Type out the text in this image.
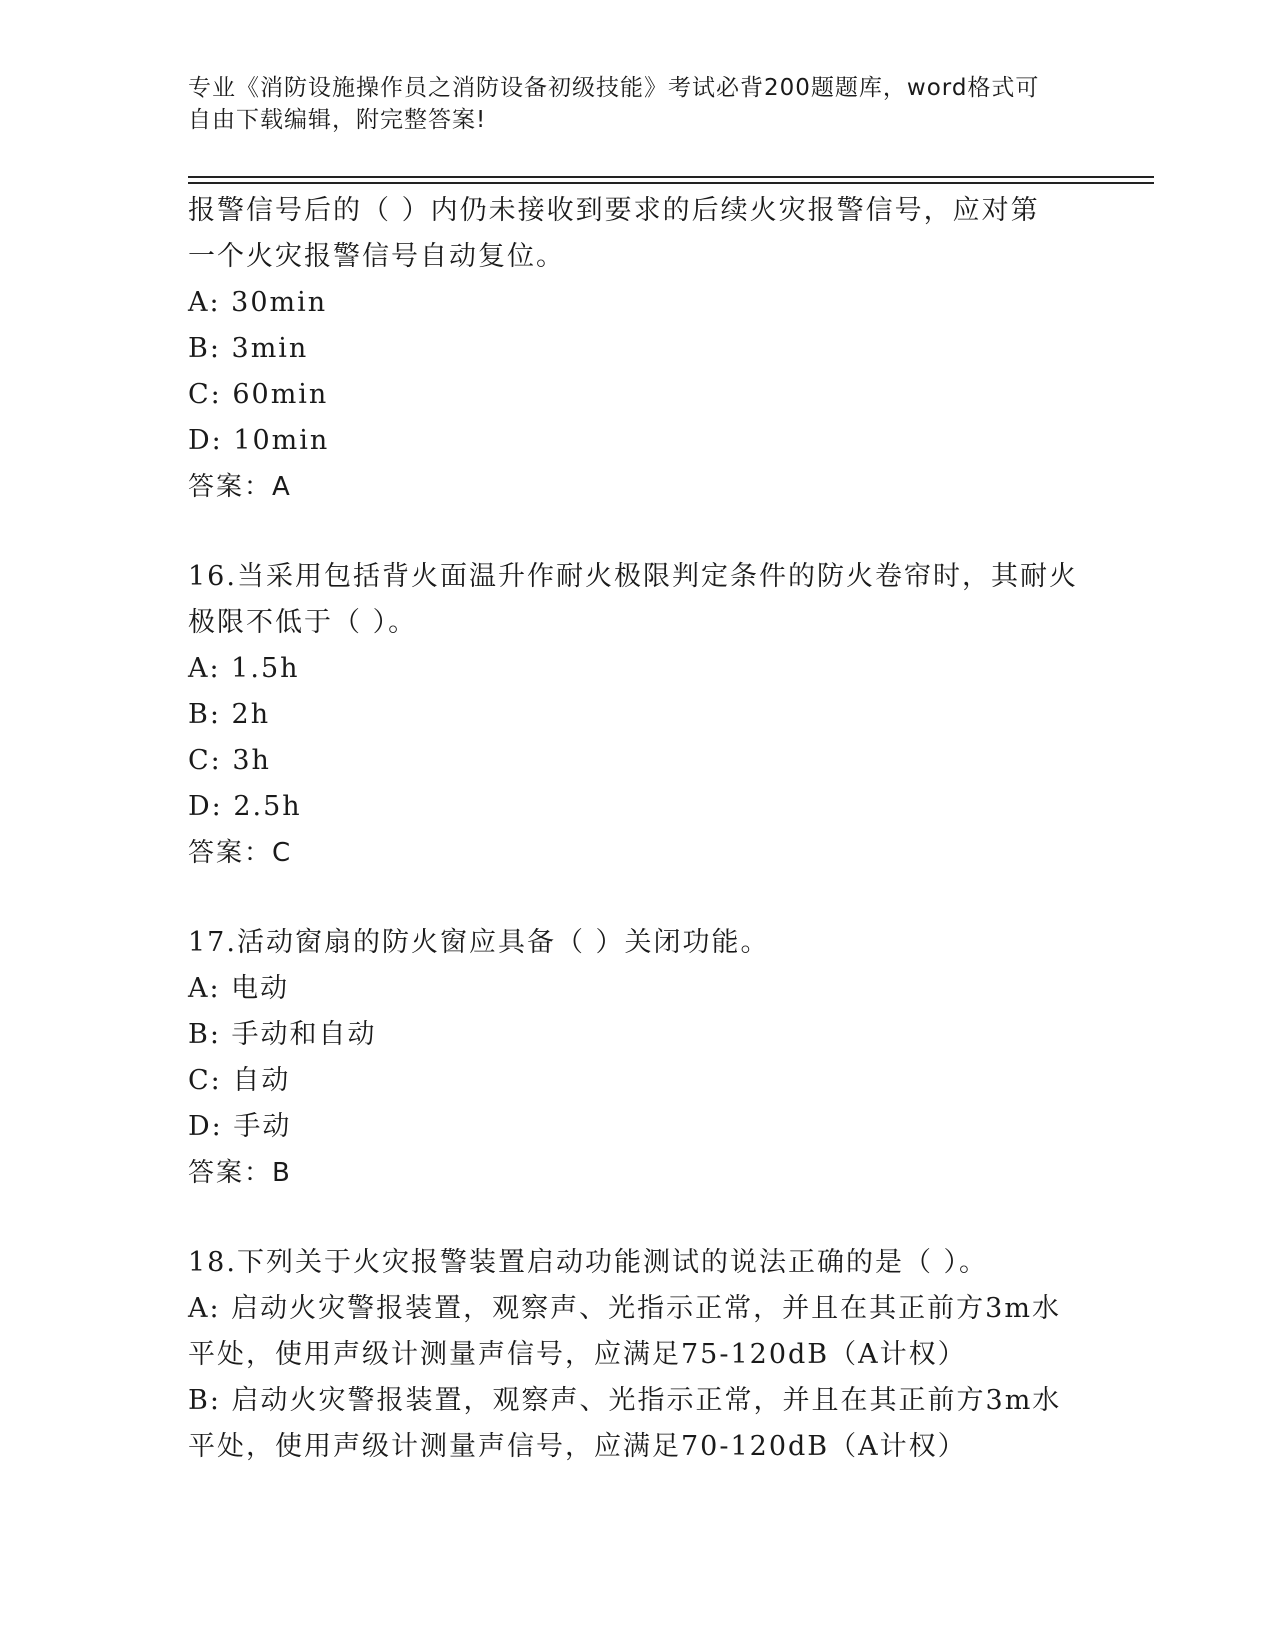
专业《消防设施操作员之消防设备初级技能》考试必背200题题库，word格式可
自由下载编辑，附完整答案!
报警信号后的（ ）内仍未接收到要求的后续火灾报警信号，应对第
一个火灾报警信号自动复位。
A: 30min
B: 3min
C: 60min
D: 10min
答案：A
16.当采用包括背火面温升作耐火极限判定条件的防火卷帘时，其耐火
极限不低于（ ）。
A: 1.5h
B: 2h
C: 3h
D: 2.5h
答案：C
17.活动窗扇的防火窗应具备（ ）关闭功能。
A: 电动
B: 手动和自动
C: 自动
D: 手动
答案：B
18.下列关于火灾报警装置启动功能测试的说法正确的是（ ）。
A: 启动火灾警报装置，观察声、光指示正常，并且在其正前方3m水
平处，使用声级计测量声信号，应满足75-120dB（A计权）
B: 启动火灾警报装置，观察声、光指示正常，并且在其正前方3m水
平处，使用声级计测量声信号，应满足70-120dB（A计权）
